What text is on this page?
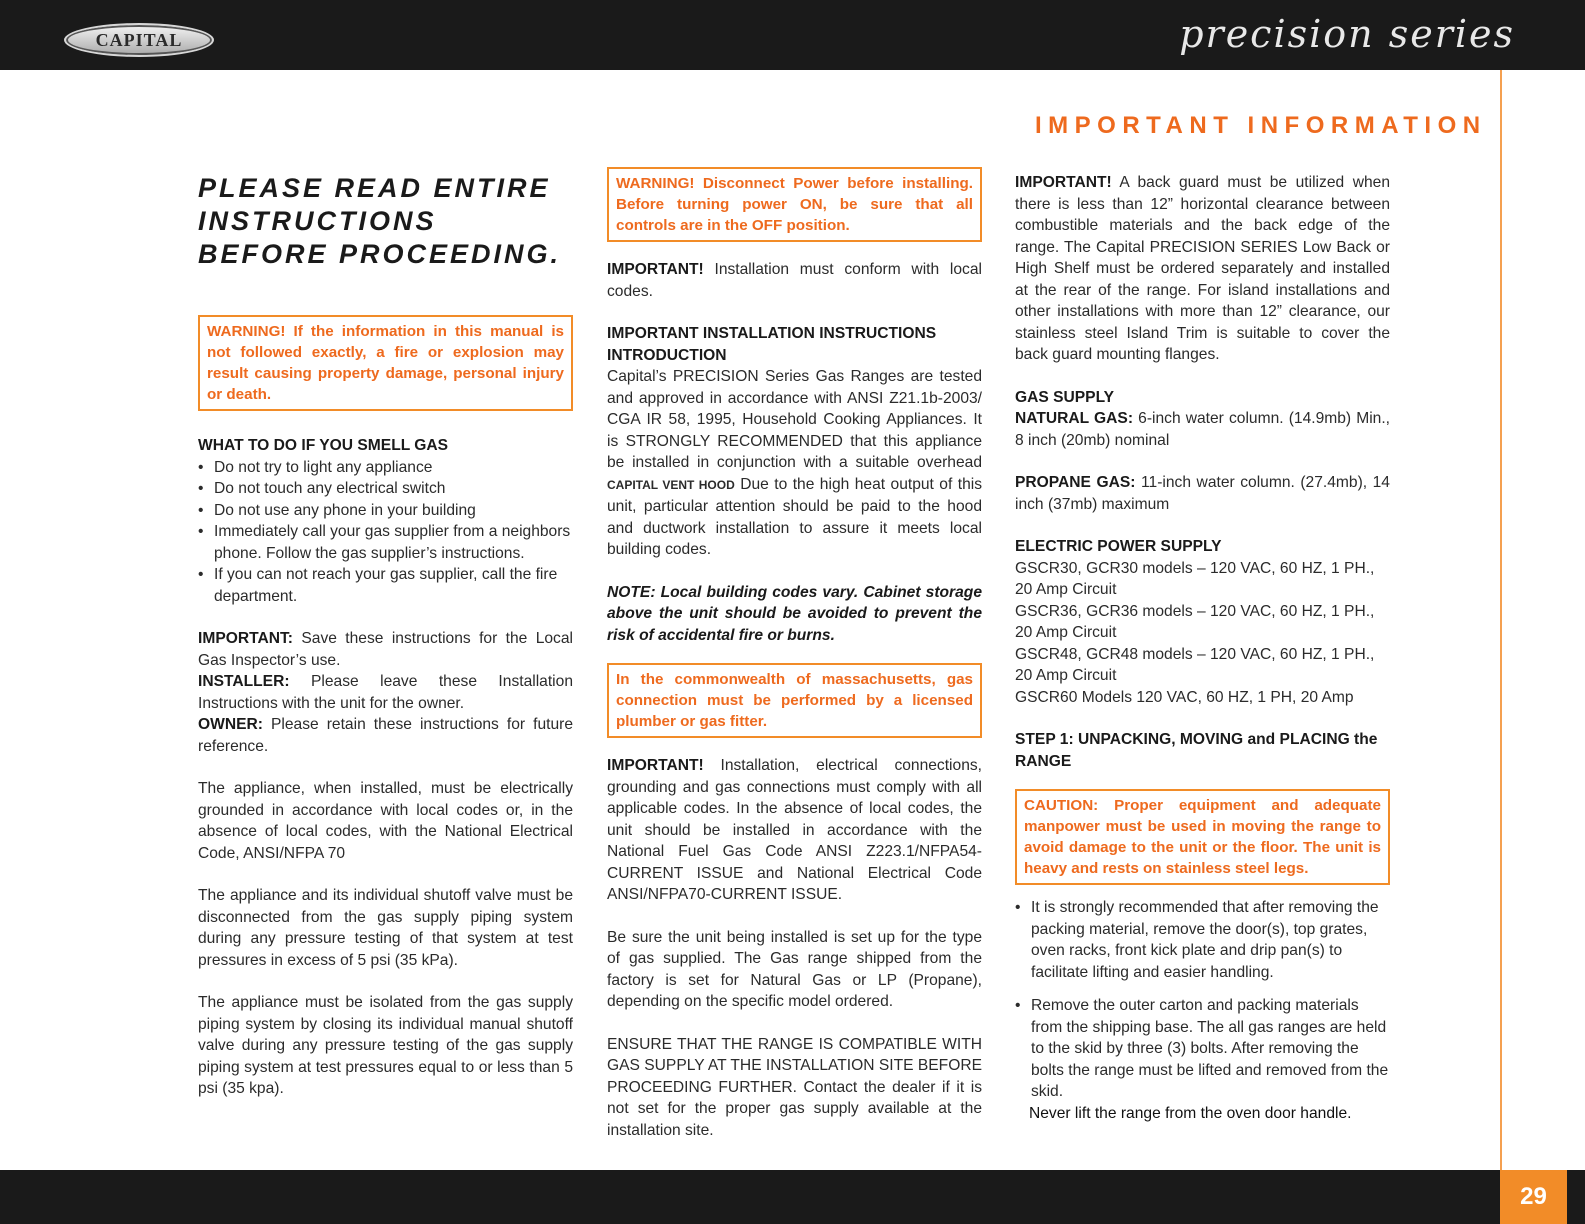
CAPITAL	precision series
IMPORTANT INFORMATION
PLEASE READ ENTIRE
INSTRUCTIONS
BEFORE PROCEEDING.
WARNING! If the information in this manual is not followed exactly, a fire or explosion may result causing property damage, personal injury or death.
WHAT TO DO IF YOU SMELL GAS
• Do not try to light any appliance
• Do not touch any electrical switch
• Do not use any phone in your building
• Immediately call your gas supplier from a neighbors phone. Follow the gas supplier’s instructions.
• If you can not reach your gas supplier, call the fire department.

IMPORTANT: Save these instructions for the Local Gas Inspector’s use.

INSTALLER: Please leave these Installation Instructions with the unit for the owner.

OWNER: Please retain these instructions for future reference.

The appliance, when installed, must be electrically grounded in accordance with local codes or, in the absence of local codes, with the National Electrical Code, ANSI/NFPA 70

The appliance and its individual shutoff valve must be disconnected from the gas supply piping system during any pressure testing of that system at test pressures in excess of 5 psi (35 kPa).

The appliance must be isolated from the gas supply piping system by closing its individual manual shutoff valve during any pressure testing of the gas supply piping system at test pressures equal to or less than 5 psi (35 kpa).

WARNING! Disconnect Power before installing. Before turning power ON, be sure that all controls are in the OFF position.

IMPORTANT! Installation must conform with local codes.

IMPORTANT INSTALLATION INSTRUCTIONS
INTRODUCTION

Capital’s PRECISION Series Gas Ranges are tested and approved in accordance with ANSI Z21.1b-2003/ CGA IR 58, 1995, Household Cooking Appliances. It is STRONGLY RECOMMENDED that this appliance be installed in conjunction with a suitable overhead CAPITAL VENT HOOD Due to the high heat output of this unit, particular attention should be paid to the hood and ductwork installation to assure it meets local building codes.

NOTE: Local building codes vary. Cabinet storage above the unit should be avoided to prevent the risk of accidental fire or burns.

In the commonwealth of massachusetts, gas connection must be performed by a licensed plumber or gas fitter.

IMPORTANT! Installation, electrical connections, grounding and gas connections must comply with all applicable codes. In the absence of local codes, the unit should be installed in accordance with the National Fuel Gas Code ANSI Z223.1/NFPA54-CURRENT ISSUE and National Electrical Code ANSI/NFPA70-CURRENT ISSUE.

Be sure the unit being installed is set up for the type of gas supplied. The Gas range shipped from the factory is set for Natural Gas or LP (Propane), depending on the specific model ordered.

ENSURE THAT THE RANGE IS COMPATIBLE WITH GAS SUPPLY AT THE INSTALLATION SITE BEFORE PROCEEDING FURTHER. Contact the dealer if it is not set for the proper gas supply available at the installation site.

IMPORTANT! A back guard must be utilized when there is less than 12” horizontal clearance between combustible materials and the back edge of the range. The Capital PRECISION SERIES Low Back or High Shelf must be ordered separately and installed at the rear of the range. For island installations and other installations with more than 12” clearance, our stainless steel Island Trim is suitable to cover the back guard mounting flanges.

GAS SUPPLY

NATURAL GAS: 6-inch water column. (14.9mb) Min., 8 inch (20mb) nominal

PROPANE GAS: 11-inch water column. (27.4mb), 14 inch (37mb) maximum

ELECTRIC POWER SUPPLY

GSCR30, GCR30 models – 120 VAC, 60 HZ, 1 PH., 20 Amp Circuit

GSCR36, GCR36 models – 120 VAC, 60 HZ, 1 PH., 20 Amp Circuit

GSCR48, GCR48 models – 120 VAC, 60 HZ, 1 PH., 20 Amp Circuit

GSCR60 Models 120 VAC, 60 HZ, 1 PH, 20 Amp

STEP 1: UNPACKING, MOVING and PLACING the RANGE
CAUTION: Proper equipment and adequate manpower must be used in moving the range to avoid damage to the unit or the floor. The unit is heavy and rests on stainless steel legs.
• It is strongly recommended that after removing the packing material, remove the door(s), top grates, oven racks, front kick plate and drip pan(s) to facilitate lifting and easier handling.
• Remove the outer carton and packing materials from the shipping base. The all gas ranges are held to the skid by three (3) bolts. After removing the bolts the range must be lifted and removed from the skid.

Never lift the range from the oven door handle.

29
